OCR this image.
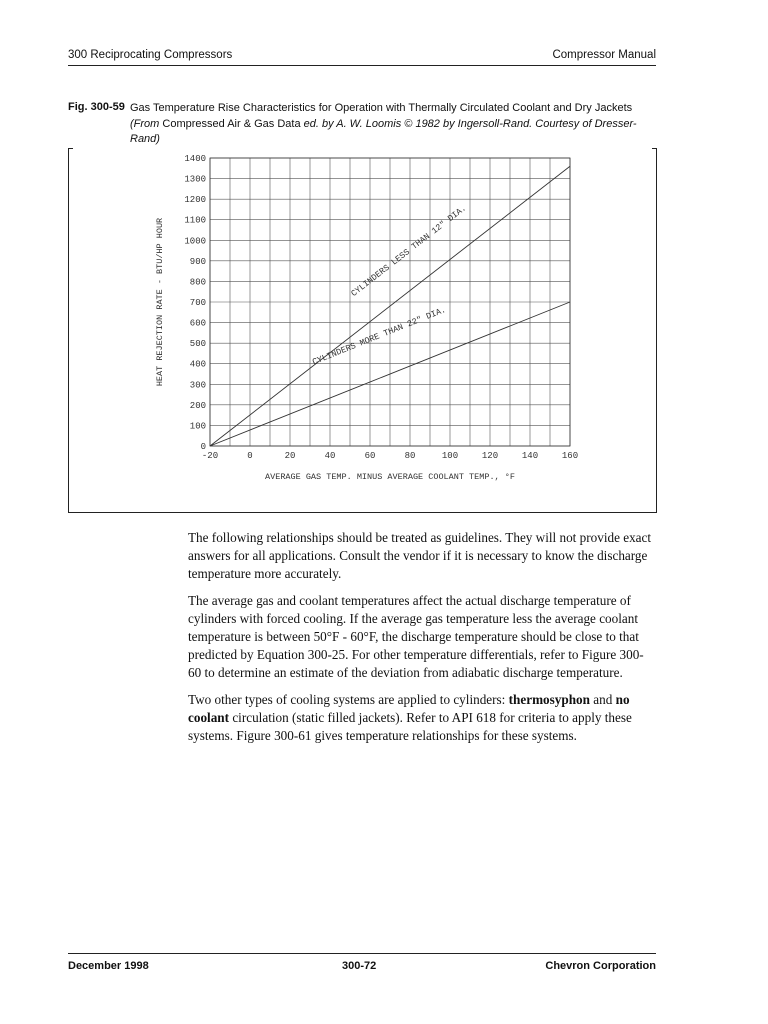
300 Reciprocating Compressors	Compressor Manual
Fig. 300-59 Gas Temperature Rise Characteristics for Operation with Thermally Circulated Coolant and Dry Jackets
(From Compressed Air & Gas Data ed. by A. W. Loomis © 1982 by Ingersoll-Rand. Courtesy of Dresser-Rand)
CYLINDERS LESS THAN 12" DIA.
CYLINDERS MORE THAN 22" DIA.
0
100
200
300
400
500
600
700
800
900
1000
1100
1200
1300
1400
-20	0	20	40	60	80	100	120	140	160
AVERAGE GAS TEMP. MINUS AVERAGE COOLANT TEMP., °F
HEAT REJECTION RATE - BTU/HP HOUR

The following relationships should be treated as guidelines. They will not provide exact answers for all applications. Consult the vendor if it is necessary to know the discharge temperature more accurately.

The average gas and coolant temperatures affect the actual discharge temperature of cylinders with forced cooling. If the average gas temperature less the average coolant temperature is between 50°F - 60°F, the discharge temperature should be close to that predicted by Equation 300-25. For other temperature differentials, refer to Figure 300-60 to determine an estimate of the deviation from adiabatic discharge temperature.

Two other types of cooling systems are applied to cylinders: thermosyphon and no coolant circulation (static filled jackets). Refer to API 618 for criteria to apply these systems. Figure 300-61 gives temperature relationships for these systems.

December 1998	300-72	Chevron Corporation
